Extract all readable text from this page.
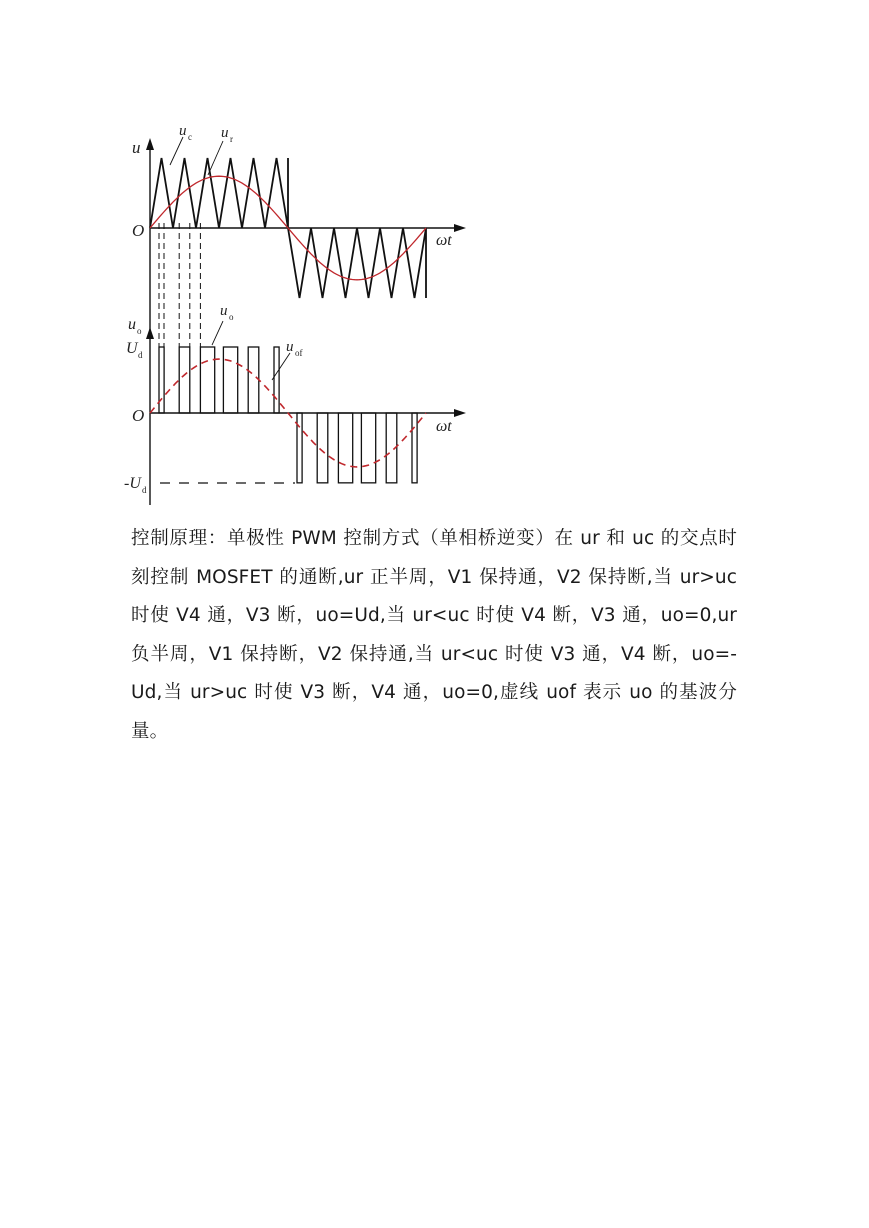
u
u c u r
O
ωt
u o
U d
u o
u of
O
ωt
-U d

控制原理：单极性 PWM 控制方式（单相桥逆变）在 ur 和 uc 的交点时刻控制 MOSFET 的通断,ur 正半周，V1 保持通，V2 保持断,当 ur>uc 时使 V4 通，V3 断，uo=Ud,当 ur<uc 时使 V4 断，V3 通，uo=0,ur 负半周，V1 保持断，V2 保持通,当 ur<uc 时使 V3 通，V4 断，uo=-Ud,当 ur>uc 时使 V3 断，V4 通，uo=0,虚线 uof 表示 uo 的基波分量。
